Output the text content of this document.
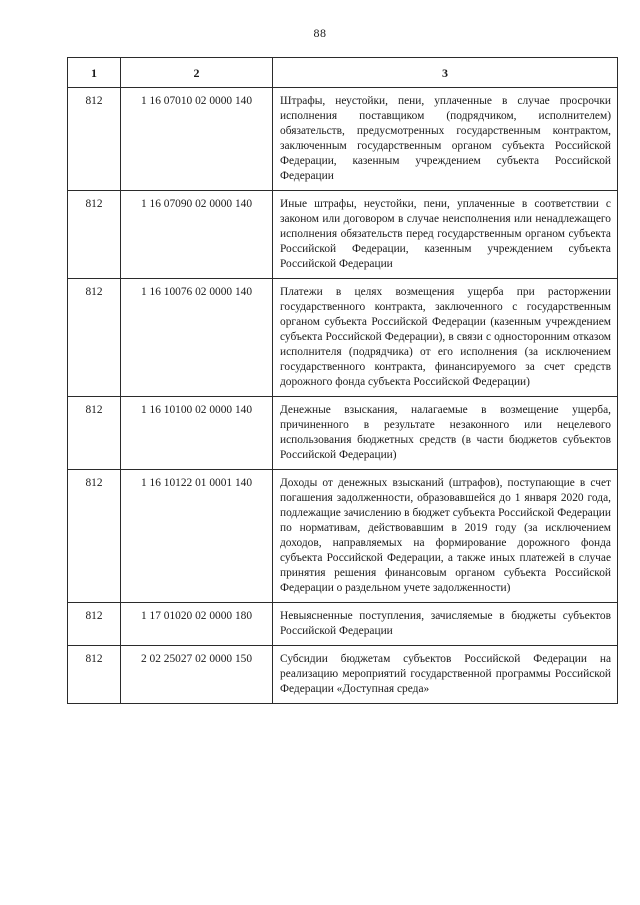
88
1	2	3
812	1 16 07010 02 0000 140	Штрафы, неустойки, пени, уплаченные в случае просрочки исполнения поставщиком (подрядчиком, исполнителем) обязательств, предусмотренных государственным контрактом, заключенным государственным органом субъекта Российской Федерации, казенным учреждением субъекта Российской Федерации
812	1 16 07090 02 0000 140	Иные штрафы, неустойки, пени, уплаченные в соответствии с законом или договором в случае неисполнения или ненадлежащего исполнения обязательств перед государственным органом субъекта Российской Федерации, казенным учреждением субъекта Российской Федерации
812	1 16 10076 02 0000 140	Платежи в целях возмещения ущерба при расторжении государственного контракта, заключенного с государственным органом субъекта Российской Федерации (казенным учреждением субъекта Российской Федерации), в связи с односторонним отказом исполнителя (подрядчика) от его исполнения (за исключением государственного контракта, финансируемого за счет средств дорожного фонда субъекта Российской Федерации)
812	1 16 10100 02 0000 140	Денежные взыскания, налагаемые в возмещение ущерба, причиненного в результате незаконного или нецелевого использования бюджетных средств (в части бюджетов субъектов Российской Федерации)
812	1 16 10122 01 0001 140	Доходы от денежных взысканий (штрафов), поступающие в счет погашения задолженности, образовавшейся до 1 января 2020 года, подлежащие зачислению в бюджет субъекта Российской Федерации по нормативам, действовавшим в 2019 году (за исключением доходов, направляемых на формирование дорожного фонда субъекта Российской Федерации, а также иных платежей в случае принятия решения финансовым органом субъекта Российской Федерации о раздельном учете задолженности)
812	1 17 01020 02 0000 180	Невыясненные поступления, зачисляемые в бюджеты субъектов Российской Федерации
812	2 02 25027 02 0000 150	Субсидии бюджетам субъектов Российской Федерации на реализацию мероприятий государственной программы Российской Федерации «Доступная среда»
